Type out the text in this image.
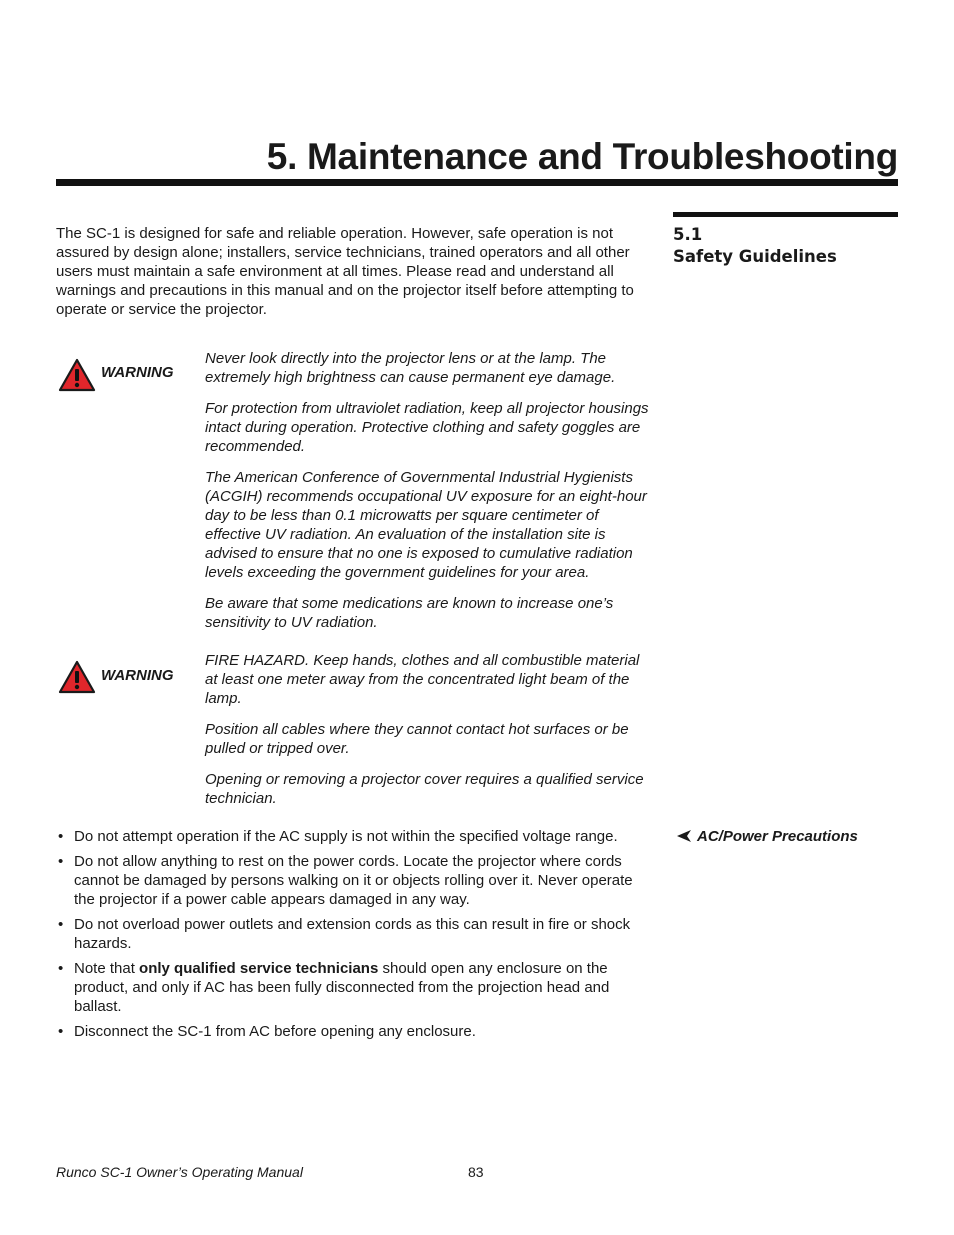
5. Maintenance and Troubleshooting
5.1
Safety Guidelines

The SC-1 is designed for safe and reliable operation. However, safe operation is not assured by design alone; installers, service technicians, trained operators and all other users must maintain a safe environment at all times. Please read and understand all warnings and precautions in this manual and on the projector itself before attempting to operate or service the projector.

WARNING

Never look directly into the projector lens or at the lamp. The extremely high brightness can cause permanent eye damage.

For protection from ultraviolet radiation, keep all projector housings intact during operation. Protective clothing and safety goggles are recommended.

The American Conference of Governmental Industrial Hygienists (ACGIH) recommends occupational UV exposure for an eight-hour day to be less than 0.1 microwatts per square centimeter of effective UV radiation. An evaluation of the installation site is advised to ensure that no one is exposed to cumulative radiation levels exceeding the government guidelines for your area.

Be aware that some medications are known to increase one’s sensitivity to UV radiation.

WARNING

FIRE HAZARD. Keep hands, clothes and all combustible material at least one meter away from the concentrated light beam of the lamp.

Position all cables where they cannot contact hot surfaces or be pulled or tripped over.

Opening or removing a projector cover requires a qualified service technician.

• Do not attempt operation if the AC supply is not within the specified voltage range.
• Do not allow anything to rest on the power cords. Locate the projector where cords cannot be damaged by persons walking on it or objects rolling over it. Never operate the projector if a power cable appears damaged in any way.
• Do not overload power outlets and extension cords as this can result in fire or shock hazards.
• Note that only qualified service technicians should open any enclosure on the product, and only if AC has been fully disconnected from the projection head and ballast.
• Disconnect the SC-1 from AC before opening any enclosure.
AC/Power Precautions
Runco SC-1 Owner’s Operating Manual	83
